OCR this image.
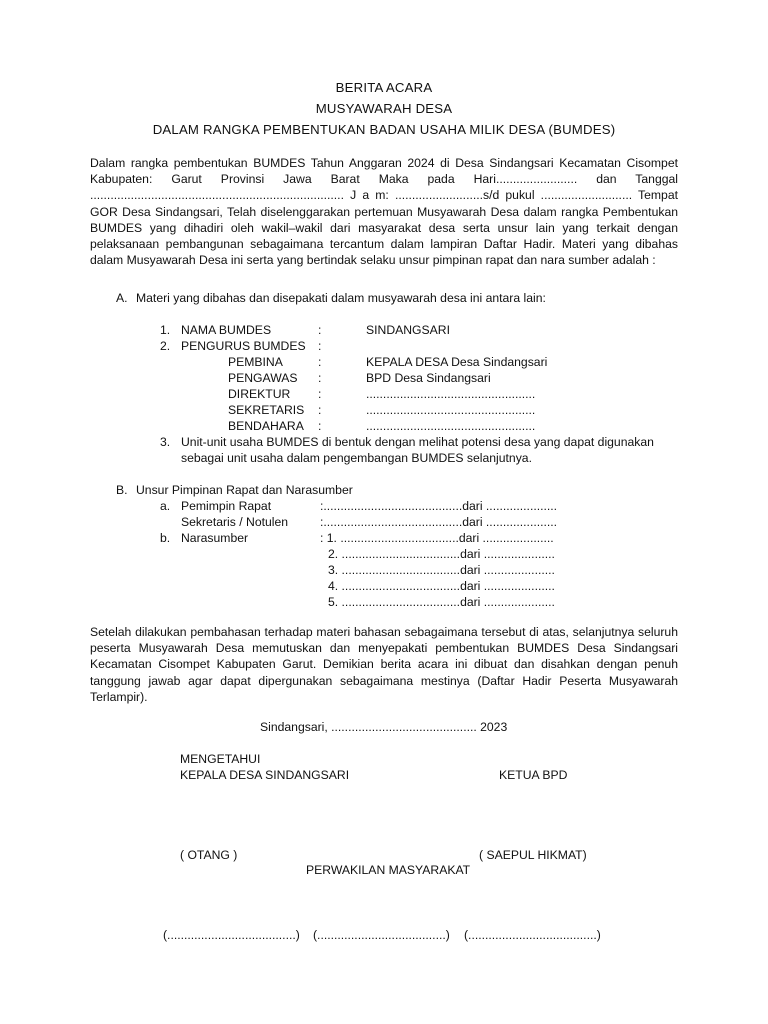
BERITA ACARA
MUSYAWARAH DESA
DALAM RANGKA PEMBENTUKAN BADAN USAHA MILIK DESA (BUMDES)

Dalam rangka pembentukan BUMDES Tahun Anggaran 2024 di Desa Sindangsari Kecamatan Cisompet Kabupaten: Garut Provinsi Jawa Barat Maka pada Hari........................ dan Tanggal ........................................................................... J a m: ..........................s/d pukul ........................... Tempat GOR Desa Sindangsari, Telah diselenggarakan pertemuan Musyawarah Desa dalam rangka Pembentukan BUMDES yang dihadiri oleh wakil–wakil dari masyarakat desa serta unsur lain yang terkait dengan pelaksanaan pembangunan sebagaimana tercantum dalam lampiran Daftar Hadir. Materi yang dibahas dalam Musyawarah Desa ini serta yang bertindak selaku unsur pimpinan rapat dan nara sumber adalah :

A. Materi yang dibahas dan disepakati dalam musyawarah desa ini antara lain:
1. NAMA BUMDES	:	SINDANGSARI
2. PENGURUS BUMDES :
PEMBINA	:	KEPALA DESA Desa Sindangsari
PENGAWAS :	BPD Desa Sindangsari
DIREKTUR :	..................................................
SEKRETARIS :	..................................................
BENDAHARA :	..................................................
3. Unit-unit usaha BUMDES di bentuk dengan melihat potensi desa yang dapat digunakan
sebagai unit usaha dalam pengembangan BUMDES selanjutnya.
B. Unsur Pimpinan Rapat dan Narasumber
a. Pemimpin Rapat	:.........................................dari .....................
Sekretaris / Notulen	:.........................................dari .....................
b. Narasumber	: 1. ...................................dari .....................
2. ...................................dari .....................
3. ...................................dari .....................
4. ...................................dari .....................
5. ...................................dari .....................

Setelah dilakukan pembahasan terhadap materi bahasan sebagaimana tersebut di atas, selanjutnya seluruh peserta Musyawarah Desa memutuskan dan menyepakati pembentukan BUMDES Desa Sindangsari Kecamatan Cisompet Kabupaten Garut. Demikian berita acara ini dibuat dan disahkan dengan penuh tanggung jawab agar dapat dipergunakan sebagaimana mestinya (Daftar Hadir Peserta Musyawarah Terlampir).

Sindangsari, ........................................... 2023
MENGETAHUI
KEPALA DESA SINDANGSARI	KETUA BPD
( OTANG )	( SAEPUL HIKMAT)
PERWAKILAN MASYARAKAT
(......................................) (......................................) (......................................)
